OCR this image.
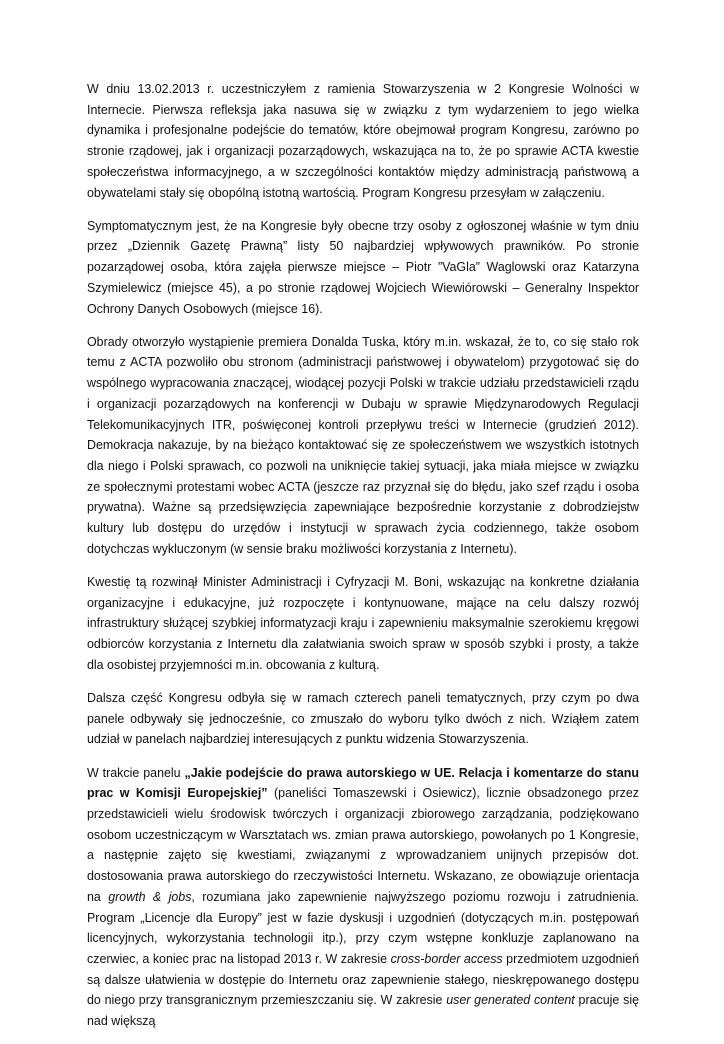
W dniu 13.02.2013 r. uczestniczyłem z ramienia Stowarzyszenia w 2 Kongresie Wolności w Internecie. Pierwsza refleksja jaka nasuwa się w związku z tym wydarzeniem to jego wielka dynamika i profesjonalne podejście do tematów, które obejmował program Kongresu, zarówno po stronie rządowej, jak i organizacji pozarządowych, wskazująca na to, że po sprawie ACTA kwestie społeczeństwa informacyjnego, a w szczególności kontaktów między administracją państwową a obywatelami stały się obopólną istotną wartością. Program Kongresu przesyłam w załączeniu.

Symptomatycznym jest, że na Kongresie były obecne trzy osoby z ogłoszonej właśnie w tym dniu przez „Dziennik Gazetę Prawną” listy 50 najbardziej wpływowych prawników. Po stronie pozarządowej osoba, która zajęła pierwsze miejsce – Piotr ”VaGla” Waglowski oraz Katarzyna Szymielewicz (miejsce 45), a po stronie rządowej Wojciech Wiewiórowski – Generalny Inspektor Ochrony Danych Osobowych (miejsce 16).

Obrady otworzyło wystąpienie premiera Donalda Tuska, który m.in. wskazał, że to, co się stało rok temu z ACTA pozwoliło obu stronom (administracji państwowej i obywatelom) przygotować się do wspólnego wypracowania znaczącej, wiodącej pozycji Polski w trakcie udziału przedstawicieli rządu i organizacji pozarządowych na konferencji w Dubaju w sprawie Międzynarodowych Regulacji Telekomunikacyjnych ITR, poświęconej kontroli przepływu treści w Internecie (grudzień 2012). Demokracja nakazuje, by na bieżąco kontaktować się ze społeczeństwem we wszystkich istotnych dla niego i Polski sprawach, co pozwoli na uniknięcie takiej sytuacji, jaka miała miejsce w związku ze społecznymi protestami wobec ACTA (jeszcze raz przyznał się do błędu, jako szef rządu i osoba prywatna). Ważne są przedsięwzięcia zapewniające bezpośrednie korzystanie z dobrodziejstw kultury lub dostępu do urzędów i instytucji w sprawach życia codziennego, także osobom dotychczas wykluczonym (w sensie braku możliwości korzystania z Internetu).

Kwestię tą rozwinął Minister Administracji i Cyfryzacji M. Boni, wskazując na konkretne działania organizacyjne i edukacyjne, już rozpoczęte i kontynuowane, mające na celu dalszy rozwój infrastruktury służącej szybkiej informatyzacji kraju i zapewnieniu maksymalnie szerokiemu kręgowi odbiorców korzystania z Internetu dla załatwiania swoich spraw w sposób szybki i prosty, a także dla osobistej przyjemności m.in. obcowania z kulturą.

Dalsza część Kongresu odbyła się w ramach czterech paneli tematycznych, przy czym po dwa panele odbywały się jednocześnie, co zmuszało do wyboru tylko dwóch z nich. Wziąłem zatem udział w panelach najbardziej interesujących z punktu widzenia Stowarzyszenia.

W trakcie panelu „Jakie podejście do prawa autorskiego w UE. Relacja i komentarze do stanu prac w Komisji Europejskiej” (paneliści Tomaszewski i Osiewicz), licznie obsadzonego przez przedstawicieli wielu środowisk twórczych i organizacji zbiorowego zarządzania, podziękowano osobom uczestniczącym w Warsztatach ws. zmian prawa autorskiego, powołanych po 1 Kongresie, a następnie zajęto się kwestiami, związanymi z wprowadzaniem unijnych przepisów dot. dostosowania prawa autorskiego do rzeczywistości Internetu. Wskazano, ze obowiązuje orientacja na growth & jobs, rozumiana jako zapewnienie najwyższego poziomu rozwoju i zatrudnienia. Program „Licencje dla Europy” jest w fazie dyskusji i uzgodnień (dotyczących m.in. postępowań licencyjnych, wykorzystania technologii itp.), przy czym wstępne konkluzje zaplanowano na czerwiec, a koniec prac na listopad 2013 r. W zakresie cross-border access przedmiotem uzgodnień są dalsze ułatwienia w dostępie do Internetu oraz zapewnienie stałego, nieskrępowanego dostępu do niego przy transgranicznym przemieszczaniu się. W zakresie user generated content pracuje się nad większą
